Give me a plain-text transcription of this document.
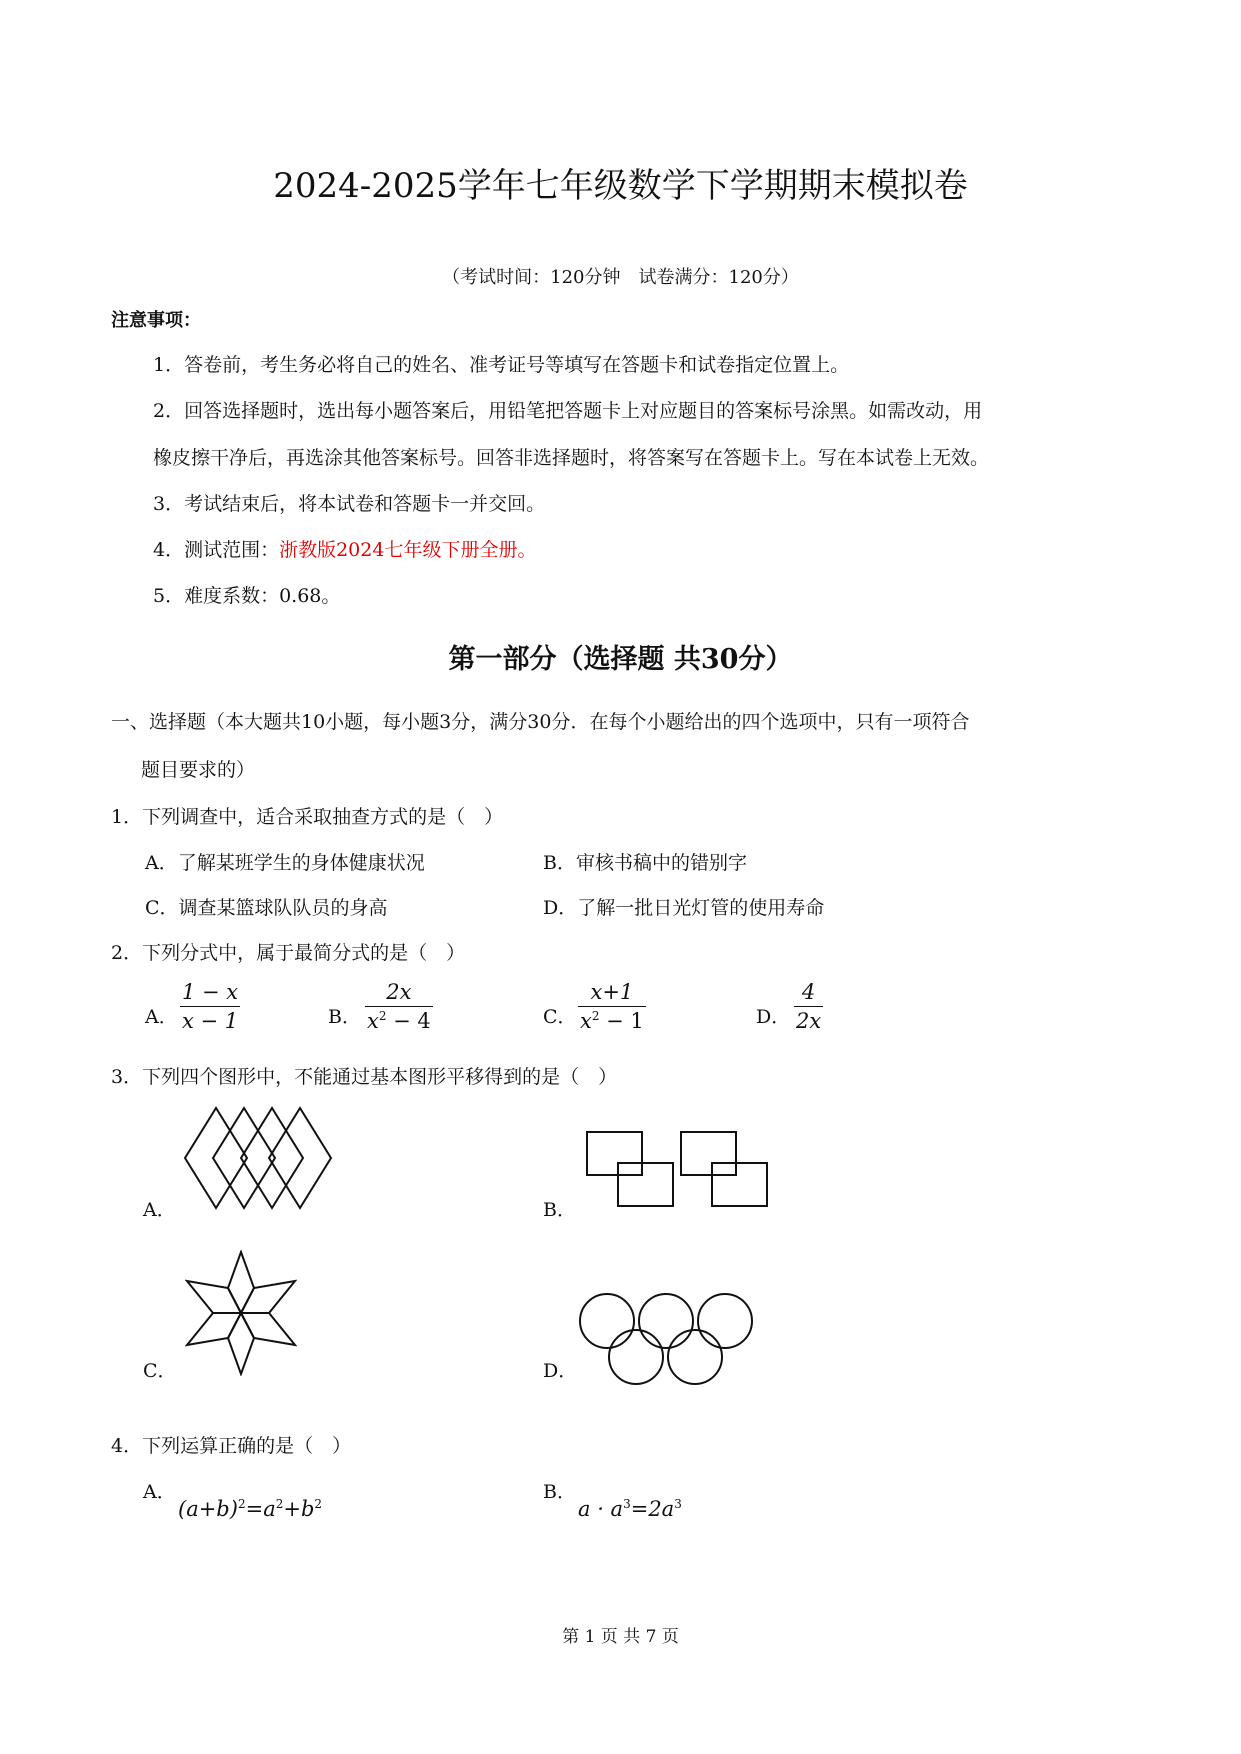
2024-2025学年七年级数学下学期期末模拟卷
（考试时间：120分钟　试卷满分：120分）
注意事项：
1．答卷前，考生务必将自己的姓名、准考证号等填写在答题卡和试卷指定位置上。
2．回答选择题时，选出每小题答案后，用铅笔把答题卡上对应题目的答案标号涂黑。如需改动，用
橡皮擦干净后，再选涂其他答案标号。回答非选择题时，将答案写在答题卡上。写在本试卷上无效。
3．考试结束后，将本试卷和答题卡一并交回。
4．测试范围：浙教版2024七年级下册全册。
5．难度系数：0.68。
第一部分（选择题 共30分）
一、选择题（本大题共10小题，每小题3分，满分30分．在每个小题给出的四个选项中，只有一项符合
题目要求的）
1．下列调查中，适合采取抽查方式的是（　）
A．了解某班学生的身体健康状况	B．审核书稿中的错别字
C．调查某篮球队队员的身高	D．了解一批日光灯管的使用寿命
2．下列分式中，属于最简分式的是（　）
A． $\frac{1 - x}{x - 1}$	B． $\frac{2x}{x^2 - 4}$	C． $\frac{x+1}{x^2 - 1}$	D． $\frac{4}{2x}$
3．下列四个图形中，不能通过基本图形平移得到的是（　）
A．	B．
C．	D．
4．下列运算正确的是（　）
A．
$(a+b)^2=a^2+b^2$
B．
$a \cdot a^3=2a^3$
第 1 页 共 7 页
